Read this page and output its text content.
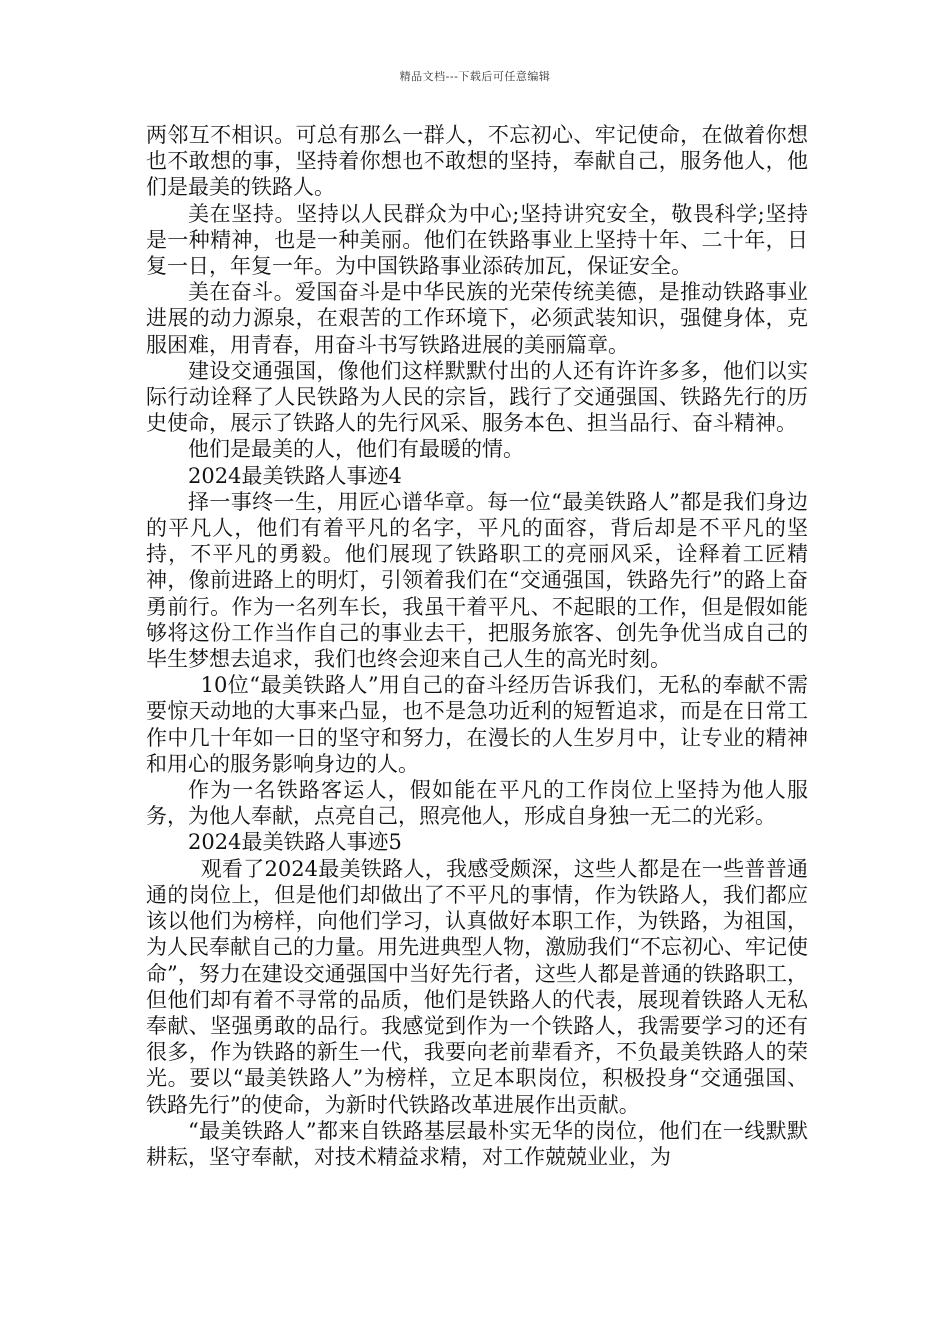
精品文档---下载后可任意编辑

两邻互不相识。可总有那么一群人，不忘初心、牢记使命，在做着你想也不敢想的事，坚持着你想也不敢想的坚持，奉献自己，服务他人，他们是最美的铁路人。

美在坚持。坚持以人民群众为中心;坚持讲究安全，敬畏科学;坚持是一种精神，也是一种美丽。他们在铁路事业上坚持十年、二十年，日复一日，年复一年。为中国铁路事业添砖加瓦，保证安全。

美在奋斗。爱国奋斗是中华民族的光荣传统美德，是推动铁路事业进展的动力源泉，在艰苦的工作环境下，必须武装知识，强健身体，克服困难，用青春，用奋斗书写铁路进展的美丽篇章。

建设交通强国，像他们这样默默付出的人还有许许多多，他们以实际行动诠释了人民铁路为人民的宗旨，践行了交通强国、铁路先行的历史使命，展示了铁路人的先行风采、服务本色、担当品行、奋斗精神。

他们是最美的人，他们有最暖的情。

2024最美铁路人事迹4

择一事终一生，用匠心谱华章。每一位“最美铁路人”都是我们身边的平凡人，他们有着平凡的名字，平凡的面容，背后却是不平凡的坚持，不平凡的勇毅。他们展现了铁路职工的亮丽风采，诠释着工匠精神，像前进路上的明灯，引领着我们在“交通强国，铁路先行”的路上奋勇前行。作为一名列车长，我虽干着平凡、不起眼的工作，但是假如能够将这份工作当作自己的事业去干，把服务旅客、创先争优当成自己的毕生梦想去追求，我们也终会迎来自己人生的高光时刻。

10位“最美铁路人”用自己的奋斗经历告诉我们，无私的奉献不需要惊天动地的大事来凸显，也不是急功近利的短暂追求，而是在日常工作中几十年如一日的坚守和努力，在漫长的人生岁月中，让专业的精神和用心的服务影响身边的人。

作为一名铁路客运人，假如能在平凡的工作岗位上坚持为他人服务，为他人奉献，点亮自己，照亮他人，形成自身独一无二的光彩。

2024最美铁路人事迹5

观看了2024最美铁路人，我感受颇深，这些人都是在一些普普通通的岗位上，但是他们却做出了不平凡的事情，作为铁路人，我们都应该以他们为榜样，向他们学习，认真做好本职工作，为铁路，为祖国，为人民奉献自己的力量。用先进典型人物，激励我们“不忘初心、牢记使命”，努力在建设交通强国中当好先行者，这些人都是普通的铁路职工，但他们却有着不寻常的品质，他们是铁路人的代表，展现着铁路人无私奉献、坚强勇敢的品行。我感觉到作为一个铁路人，我需要学习的还有很多，作为铁路的新生一代，我要向老前辈看齐，不负最美铁路人的荣光。要以“最美铁路人”为榜样，立足本职岗位，积极投身“交通强国、铁路先行”的使命，为新时代铁路改革进展作出贡献。

“最美铁路人”都来自铁路基层最朴实无华的岗位，他们在一线默默耕耘，坚守奉献，对技术精益求精，对工作兢兢业业，为
